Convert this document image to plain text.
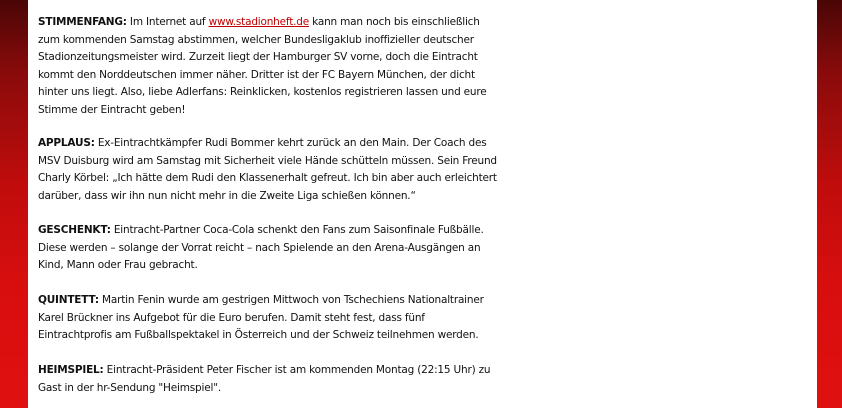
STIMMENFANG: Im Internet auf www.stadionheft.de kann man noch bis einschließlich zum kommenden Samstag abstimmen, welcher Bundesligaklub inoffizieller deutscher Stadionzeitungsmeister wird. Zurzeit liegt der Hamburger SV vorne, doch die Eintracht kommt den Norddeutschen immer näher. Dritter ist der FC Bayern München, der dicht hinter uns liegt. Also, liebe Adlerfans: Reinklicken, kostenlos registrieren lassen und eure Stimme der Eintracht geben!

APPLAUS: Ex-Eintrachtkämpfer Rudi Bommer kehrt zurück an den Main. Der Coach des MSV Duisburg wird am Samstag mit Sicherheit viele Hände schütteln müssen. Sein Freund Charly Körbel: „Ich hätte dem Rudi den Klassenerhalt gefreut. Ich bin aber auch erleichtert darüber, dass wir ihn nun nicht mehr in die Zweite Liga schießen können.“

GESCHENKT: Eintracht-Partner Coca-Cola schenkt den Fans zum Saisonfinale Fußbälle. Diese werden – solange der Vorrat reicht – nach Spielende an den Arena-Ausgängen an Kind, Mann oder Frau gebracht.

QUINTETT: Martin Fenin wurde am gestrigen Mittwoch von Tschechiens Nationaltrainer Karel Brückner ins Aufgebot für die Euro berufen. Damit steht fest, dass fünf Eintrachtprofis am Fußballspektakel in Österreich und der Schweiz teilnehmen werden.

HEIMSPIEL: Eintracht-Präsident Peter Fischer ist am kommenden Montag (22:15 Uhr) zu Gast in der hr-Sendung "Heimspiel".
